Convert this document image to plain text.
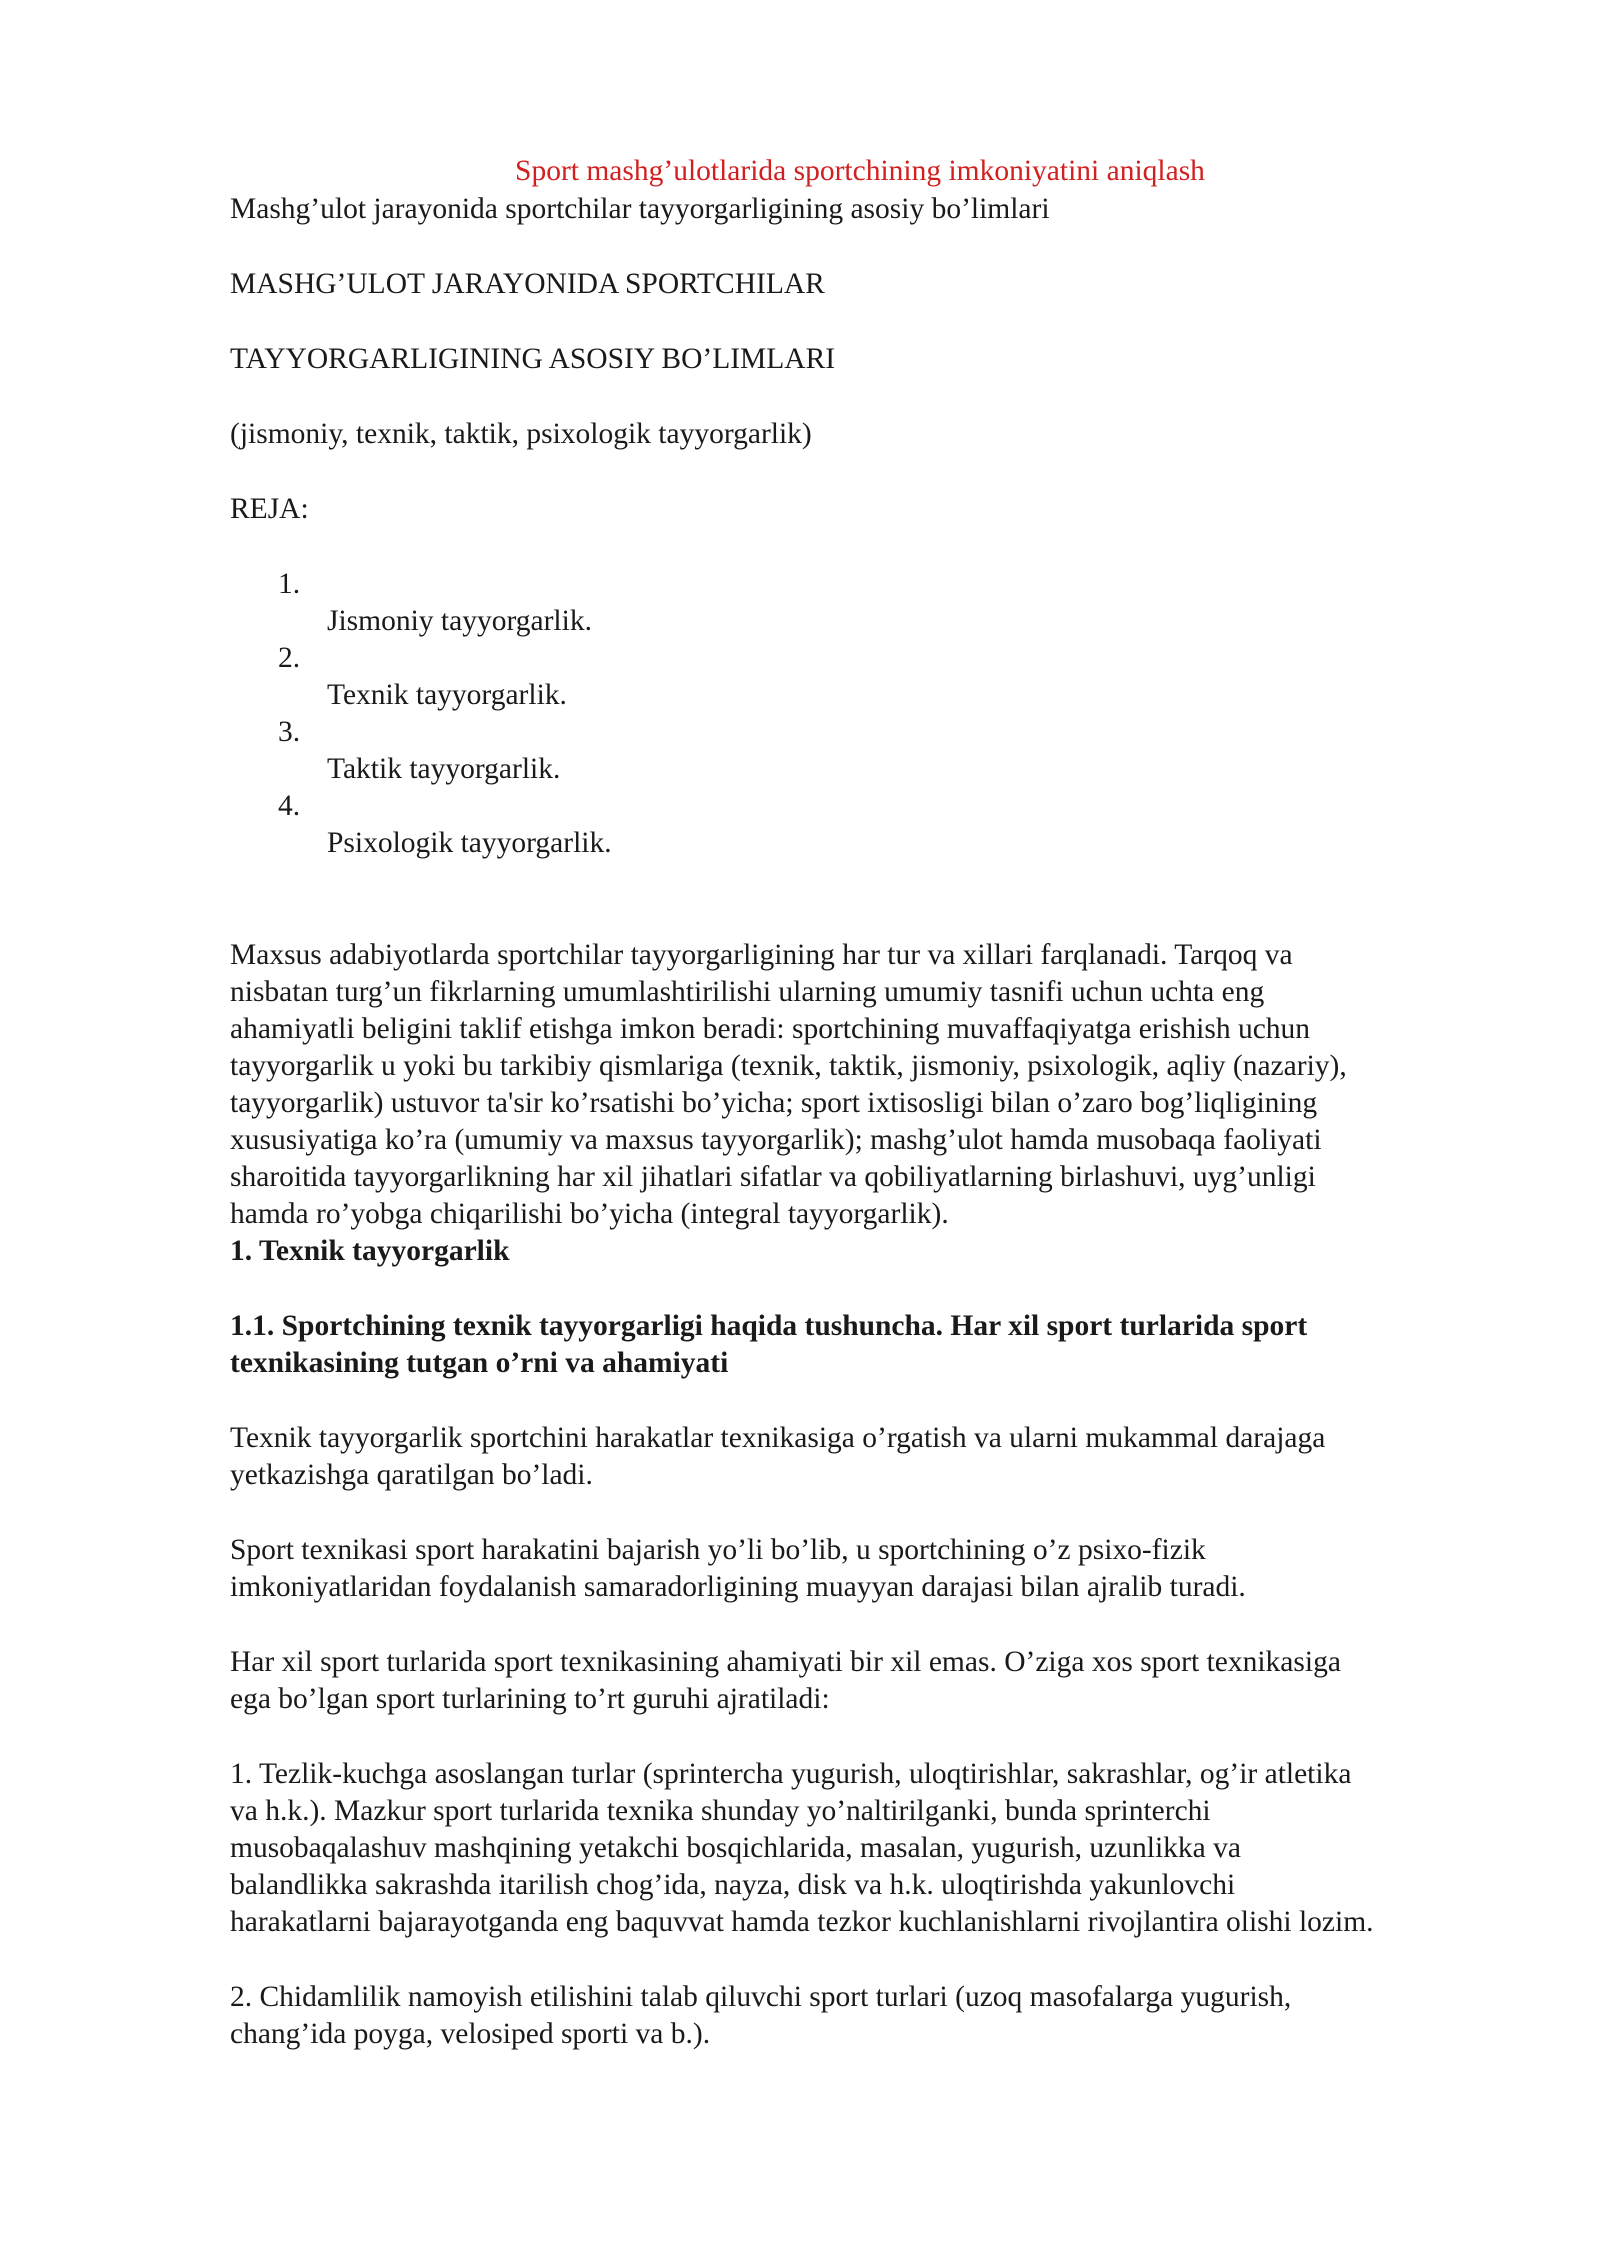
Sport mashg’ulotlarida sportchining imkoniyatini aniqlash

Mashg’ulot jarayonida sportchilar tayyorgarligining asosiy bo’limlari

MASHG’ULOT JARAYONIDA SPORTCHILAR

TAYYORGARLIGINING ASOSIY BO’LIMLARI

(jismoniy, texnik, taktik, psixologik tayyorgarlik)

REJA:

1.
Jismoniy tayyorgarlik.
2.
Texnik tayyorgarlik.
3.
Taktik tayyorgarlik.
4.
Psixologik tayyorgarlik.
Maxsus adabiyotlarda sportchilar tayyorgarligining har tur va xillari farqlanadi. Tarqoq va
nisbatan turg’un fikrlarning umumlashtirilishi ularning umumiy tasnifi uchun uchta eng
ahamiyatli beligini taklif etishga imkon beradi: sportchining muvaffaqiyatga erishish uchun
tayyorgarlik u yoki bu tarkibiy qismlariga (texnik, taktik, jismoniy, psixologik, aqliy (nazariy),
tayyorgarlik) ustuvor ta'sir ko’rsatishi bo’yicha; sport ixtisosligi bilan o’zaro bog’liqligining
xususiyatiga ko’ra (umumiy va maxsus tayyorgarlik); mashg’ulot hamda musobaqa faoliyati
sharoitida tayyorgarlikning har xil jihatlari sifatlar va qobiliyatlarning birlashuvi, uyg’unligi
hamda ro’yobga chiqarilishi bo’yicha (integral tayyorgarlik).
1. Texnik tayyorgarlik
1.1. Sportchining texnik tayyorgarligi haqida tushuncha. Har xil sport turlarida sport
texnikasining tutgan o’rni va ahamiyati
Texnik tayyorgarlik sportchini harakatlar texnikasiga o’rgatish va ularni mukammal darajaga
yetkazishga qaratilgan bo’ladi.
Sport texnikasi sport harakatini bajarish yo’li bo’lib, u sportchining o’z psixo-fizik
imkoniyatlaridan foydalanish samaradorligining muayyan darajasi bilan ajralib turadi.
Har xil sport turlarida sport texnikasining ahamiyati bir xil emas. O’ziga xos sport texnikasiga
ega bo’lgan sport turlarining to’rt guruhi ajratiladi:
1. Tezlik-kuchga asoslangan turlar (sprintercha yugurish, uloqtirishlar, sakrashlar, og’ir atletika
va h.k.). Mazkur sport turlarida texnika shunday yo’naltirilganki, bunda sprinterchi
musobaqalashuv mashqining yetakchi bosqichlarida, masalan, yugurish, uzunlikka va
balandlikka sakrashda itarilish chog’ida, nayza, disk va h.k. uloqtirishda yakunlovchi
harakatlarni bajarayotganda eng baquvvat hamda tezkor kuchlanishlarni rivojlantira olishi lozim.
2. Chidamlilik namoyish etilishini talab qiluvchi sport turlari (uzoq masofalarga yugurish,
chang’ida poyga, velosiped sporti va b.).
